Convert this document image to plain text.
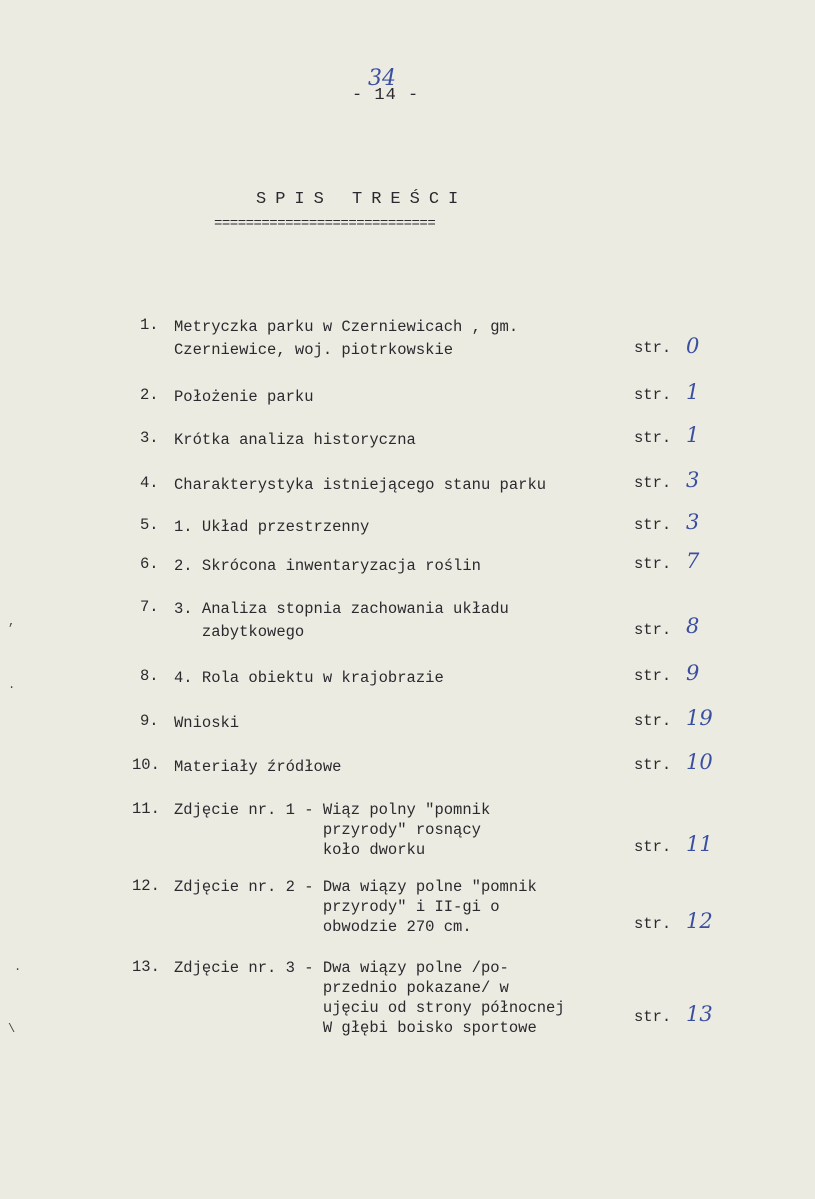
34
- 14 -
SPIS TREŚCI
============================
1. Metryczka parku w Czerniewicach , gm.
Czerniewice, woj. piotrkowskie	str. 0
2. Położenie parku	str. 1
3. Krótka analiza historyczna	str. 1
4. Charakterystyka istniejącego stanu parku	str. 3
5. 1. Układ przestrzenny	str. 3
6. 2. Skrócona inwentaryzacja roślin	str. 7
7. 3. Analiza stopnia zachowania układu
zabytkowego	str. 8
8. 4. Rola obiektu w krajobrazie	str. 9
9. Wnioski	str. 19
10. Materiały źródłowe	str. 10
11. Zdjęcie nr. 1 - Wiąz polny "pomnik
przyrody" rosnący
koło dworku	str. 11
12. Zdjęcie nr. 2 - Dwa wiązy polne "pomnik
przyrody" i II-gi o
obwodzie 270 cm.	str. 12
13. Zdjęcie nr. 3 - Dwa wiązy polne /po-
przednio pokazane/ w
ujęciu od strony północnej
W głębi boisko sportowe
str. 13
,
.
.
\
